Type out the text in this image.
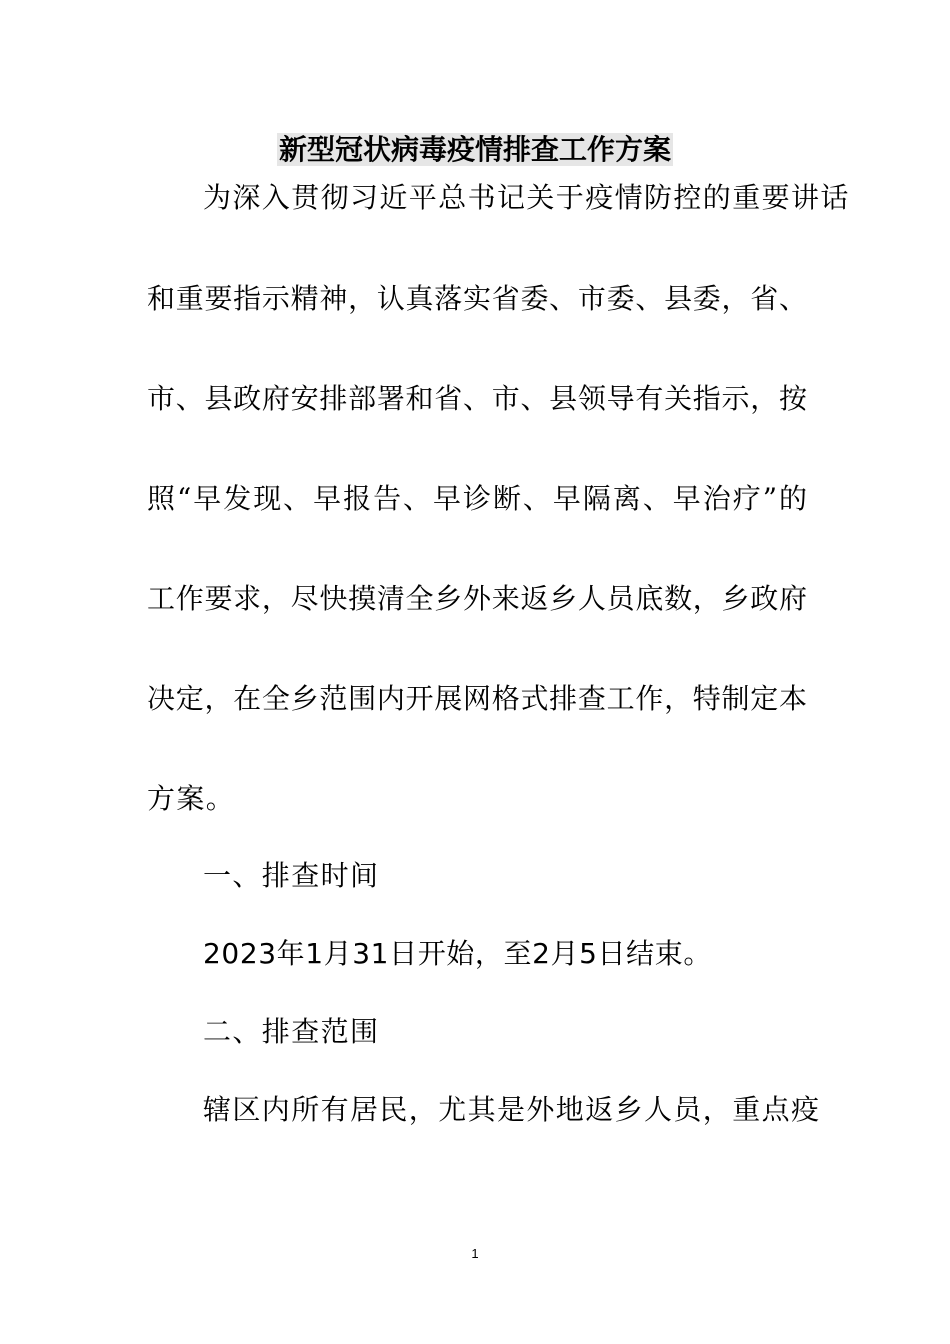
新型冠状病毒疫情排查工作方案
为深入贯彻习近平总书记关于疫情防控的重要讲话
和重要指示精神，认真落实省委、市委、县委，省、
市、县政府安排部署和省、市、县领导有关指示，按
照“早发现、早报告、早诊断、早隔离、早治疗”的
工作要求，尽快摸清全乡外来返乡人员底数，乡政府
决定，在全乡范围内开展网格式排查工作，特制定本
方案。
一、排查时间
2023年1月31日开始，至2月5日结束。
二、排查范围
辖区内所有居民，尤其是外地返乡人员，重点疫
1
